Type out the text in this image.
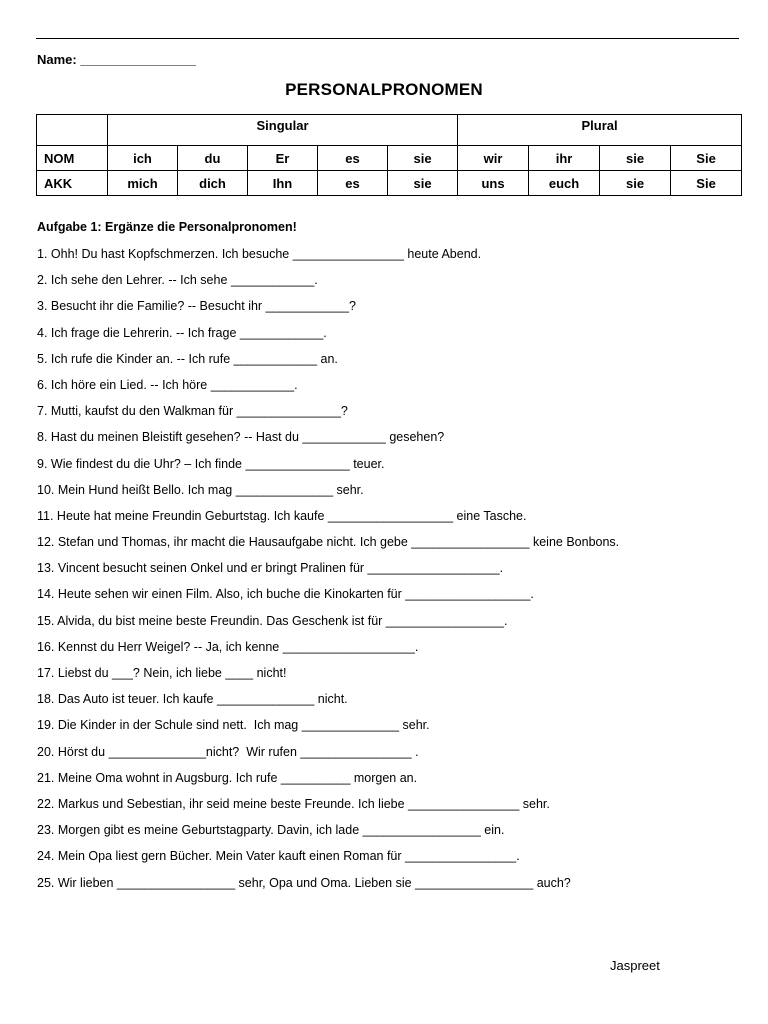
Name: ________________
PERSONALPRONOMEN
	Singular					Plural			
NOM	ich	du	Er	es	sie	wir	ihr	sie	Sie
AKK	mich	dich	Ihn	es	sie	uns	euch	sie	Sie
Aufgabe 1: Ergänze die Personalpronomen!
1. Ohh! Du hast Kopfschmerzen. Ich besuche ________________ heute Abend.
2. Ich sehe den Lehrer. -- Ich sehe ____________.
3. Besucht ihr die Familie? -- Besucht ihr ____________?
4. Ich frage die Lehrerin. -- Ich frage ____________.
5. Ich rufe die Kinder an. -- Ich rufe ____________ an.
6. Ich höre ein Lied. -- Ich höre ____________.
7. Mutti, kaufst du den Walkman für _______________?
8. Hast du meinen Bleistift gesehen? -- Hast du ____________ gesehen?
9. Wie findest du die Uhr? – Ich finde _______________ teuer.
10. Mein Hund heißt Bello. Ich mag ______________ sehr.
11. Heute hat meine Freundin Geburtstag. Ich kaufe __________________ eine Tasche.
12. Stefan und Thomas, ihr macht die Hausaufgabe nicht. Ich gebe _________________ keine Bonbons.
13. Vincent besucht seinen Onkel und er bringt Pralinen für ___________________.
14. Heute sehen wir einen Film. Also, ich buche die Kinokarten für __________________.
15. Alvida, du bist meine beste Freundin. Das Geschenk ist für _________________.
16. Kennst du Herr Weigel? -- Ja, ich kenne ___________________.
17. Liebst du ___? Nein, ich liebe ____ nicht!
18. Das Auto ist teuer. Ich kaufe ______________ nicht.
19. Die Kinder in der Schule sind nett.  Ich mag ______________ sehr.
20. Hörst du ______________nicht?  Wir rufen ________________ .
21. Meine Oma wohnt in Augsburg. Ich rufe __________ morgen an.
22. Markus und Sebestian, ihr seid meine beste Freunde. Ich liebe ________________ sehr.
23. Morgen gibt es meine Geburtstagparty. Davin, ich lade _________________ ein.
24. Mein Opa liest gern Bücher. Mein Vater kauft einen Roman für ________________.
25. Wir lieben _________________ sehr, Opa und Oma. Lieben sie _________________ auch?
Jaspreet
